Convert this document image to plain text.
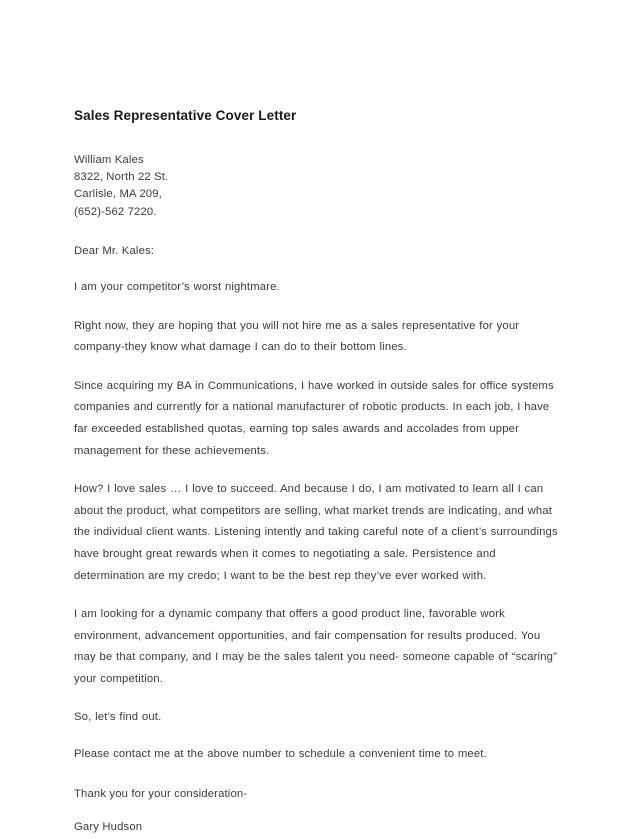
Sales Representative Cover Letter
William Kales
8322, North 22 St.
Carlisle, MA 209,
(652)-562 7220.
Dear Mr. Kales:

I am your competitor’s worst nightmare.

Right now, they are hoping that you will not hire me as a sales representative for your company-they know what damage I can do to their bottom lines.

Since acquiring my BA in Communications, I have worked in outside sales for office systems companies and currently for a national manufacturer of robotic products. In each job, I have far exceeded established quotas, earning top sales awards and accolades from upper management for these achievements.

How? I love sales … I love to succeed. And because I do, I am motivated to learn all I can about the product, what competitors are selling, what market trends are indicating, and what the individual client wants. Listening intently and taking careful note of a client’s surroundings have brought great rewards when it comes to negotiating a sale. Persistence and determination are my credo; I want to be the best rep they’ve ever worked with.

I am looking for a dynamic company that offers a good product line, favorable work environment, advancement opportunities, and fair compensation for results produced. You may be that company, and I may be the sales talent you need- someone capable of “scaring” your competition.

So, let’s find out.

Please contact me at the above number to schedule a convenient time to meet.

Thank you for your consideration-
Gary Hudson
